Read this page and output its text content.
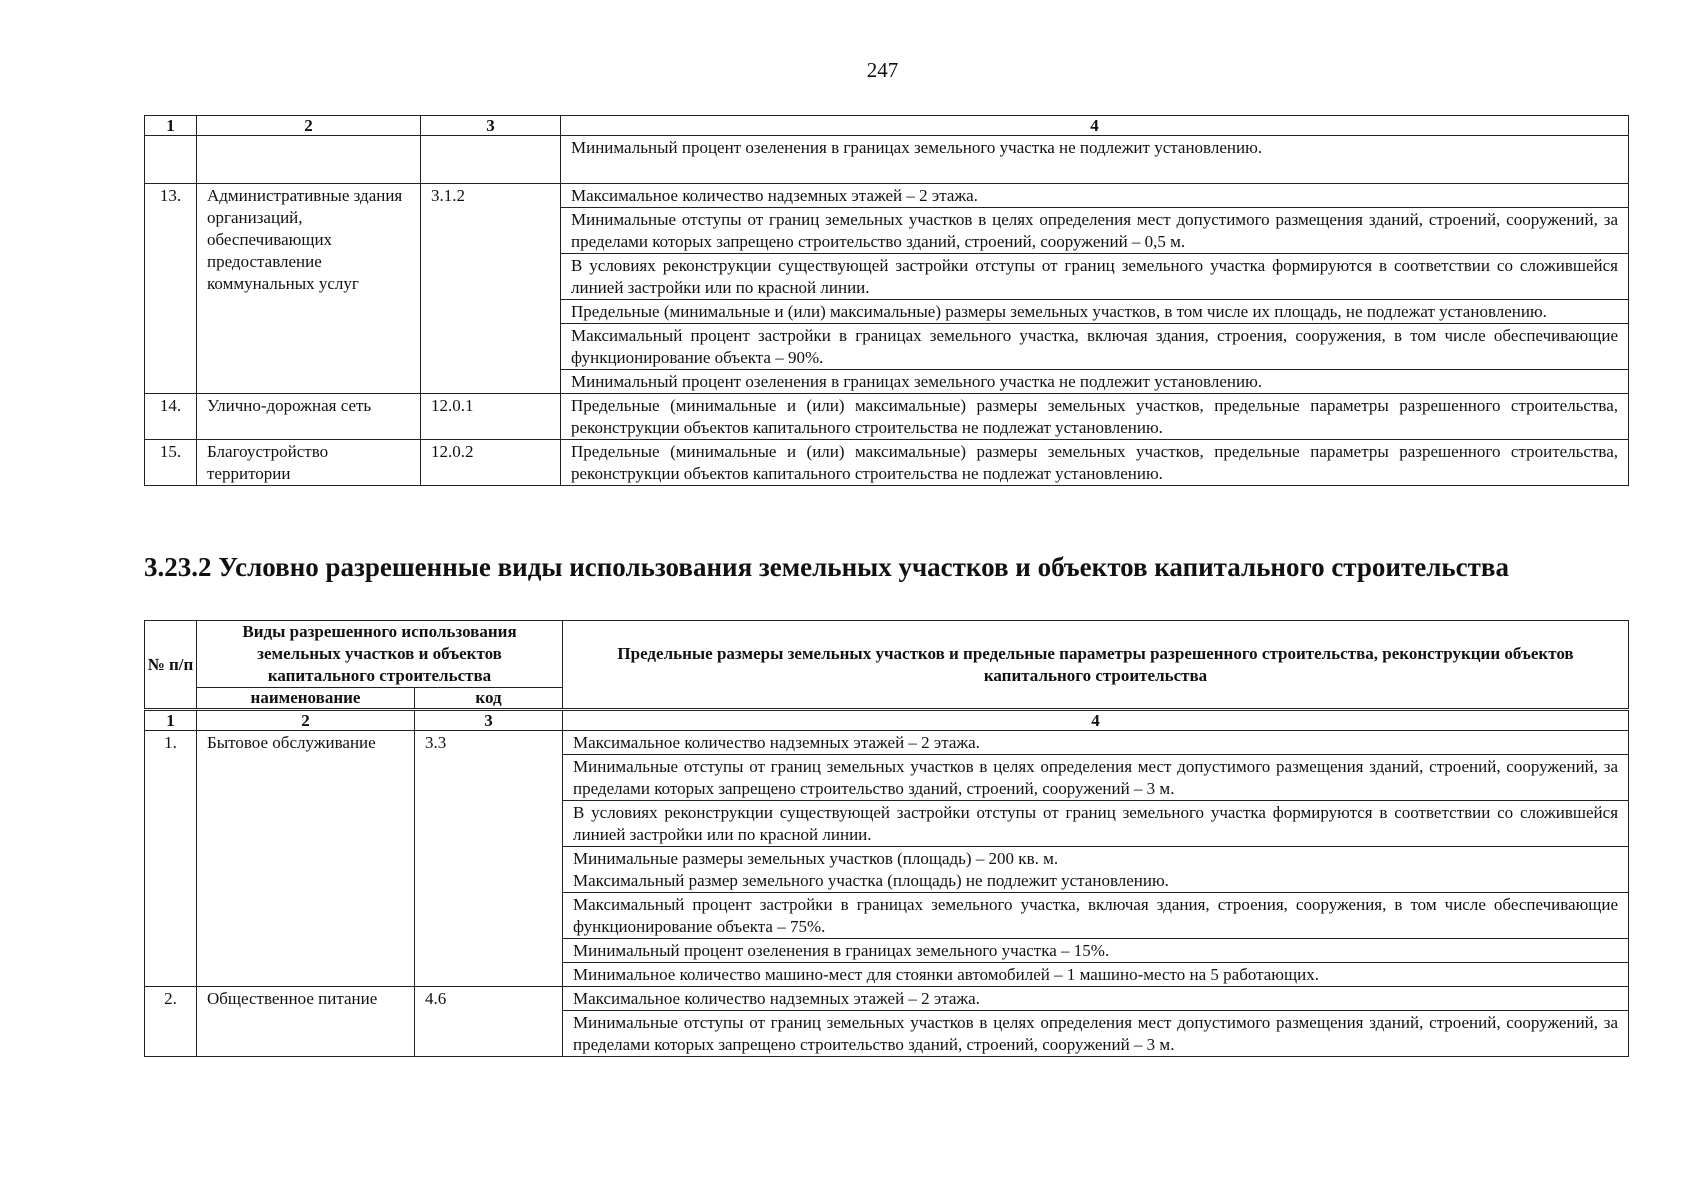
247
1	2	3	4
			Минимальный процент озеленения в границах земельного участка не подлежит установлению.
13.	Административные здания организаций, обеспечивающих предоставление коммунальных услуг	3.1.2	Максимальное количество надземных этажей – 2 этажа.
			Минимальные отступы от границ земельных участков в целях определения мест допустимого размещения зданий, строений, сооружений, за пределами которых запрещено строительство зданий, строений, сооружений – 0,5 м.
			В условиях реконструкции существующей застройки отступы от границ земельного участка формируются в соответствии со сложившейся линией застройки или по красной линии.
			Предельные (минимальные и (или) максимальные) размеры земельных участков, в том числе их площадь, не подлежат установлению.
			Максимальный процент застройки в границах земельного участка, включая здания, строения, сооружения, в том числе обеспечивающие функционирование объекта – 90%.
			Минимальный процент озеленения в границах земельного участка не подлежит установлению.
14.	Улично-дорожная сеть	12.0.1	Предельные (минимальные и (или) максимальные) размеры земельных участков, предельные параметры разрешенного строительства, реконструкции объектов капитального строительства не подлежат установлению.
15.	Благоустройство территории	12.0.2	Предельные (минимальные и (или) максимальные) размеры земельных участков, предельные параметры разрешенного строительства, реконструкции объектов капитального строительства не подлежат установлению.
3.23.2 Условно разрешенные виды использования земельных участков и объектов капитального строительства
№ п/п	Виды разрешенного использования земельных участков и объектов капитального строительства		Предельные размеры земельных участков и предельные параметры разрешенного строительства, реконструкции объектов капитального строительства
	наименование	код	
1	2	3	4
1.	Бытовое обслуживание	3.3	Максимальное количество надземных этажей – 2 этажа.
			Минимальные отступы от границ земельных участков в целях определения мест допустимого размещения зданий, строений, сооружений, за пределами которых запрещено строительство зданий, строений, сооружений – 3 м.
			В условиях реконструкции существующей застройки отступы от границ земельного участка формируются в соответствии со сложившейся линией застройки или по красной линии.

			Минимальные размеры земельных участков (площадь) – 200 кв. м.
Максимальный размер земельного участка (площадь) не подлежит установлению.

			Максимальный процент застройки в границах земельного участка, включая здания, строения, сооружения, в том числе обеспечивающие функционирование объекта – 75%.
			Минимальный процент озеленения в границах земельного участка – 15%.
			Минимальное количество машино-мест для стоянки автомобилей – 1 машино-место на 5 работающих.
2.	Общественное питание	4.6	Максимальное количество надземных этажей – 2 этажа.
			Минимальные отступы от границ земельных участков в целях определения мест допустимого размещения зданий, строений, сооружений, за пределами которых запрещено строительство зданий, строений, сооружений – 3 м.
